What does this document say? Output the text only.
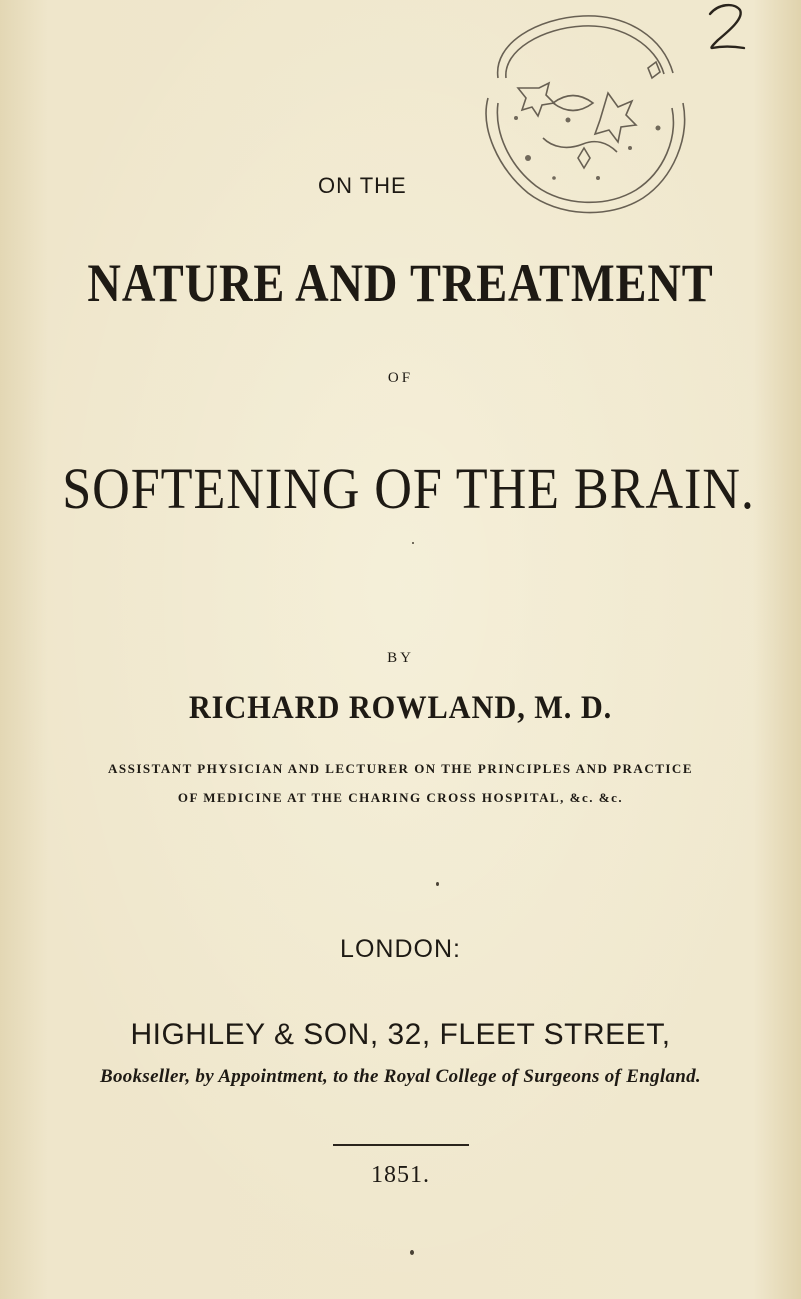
ON THE
NATURE AND TREATMENT
OF
SOFTENING OF THE BRAIN.
BY
RICHARD ROWLAND, M. D.
ASSISTANT PHYSICIAN AND LECTURER ON THE PRINCIPLES AND PRACTICE
OF MEDICINE AT THE CHARING CROSS HOSPITAL, &c. &c.
LONDON:
HIGHLEY & SON, 32, FLEET STREET,
Bookseller, by Appointment, to the Royal College of Surgeons of England.
1851.
